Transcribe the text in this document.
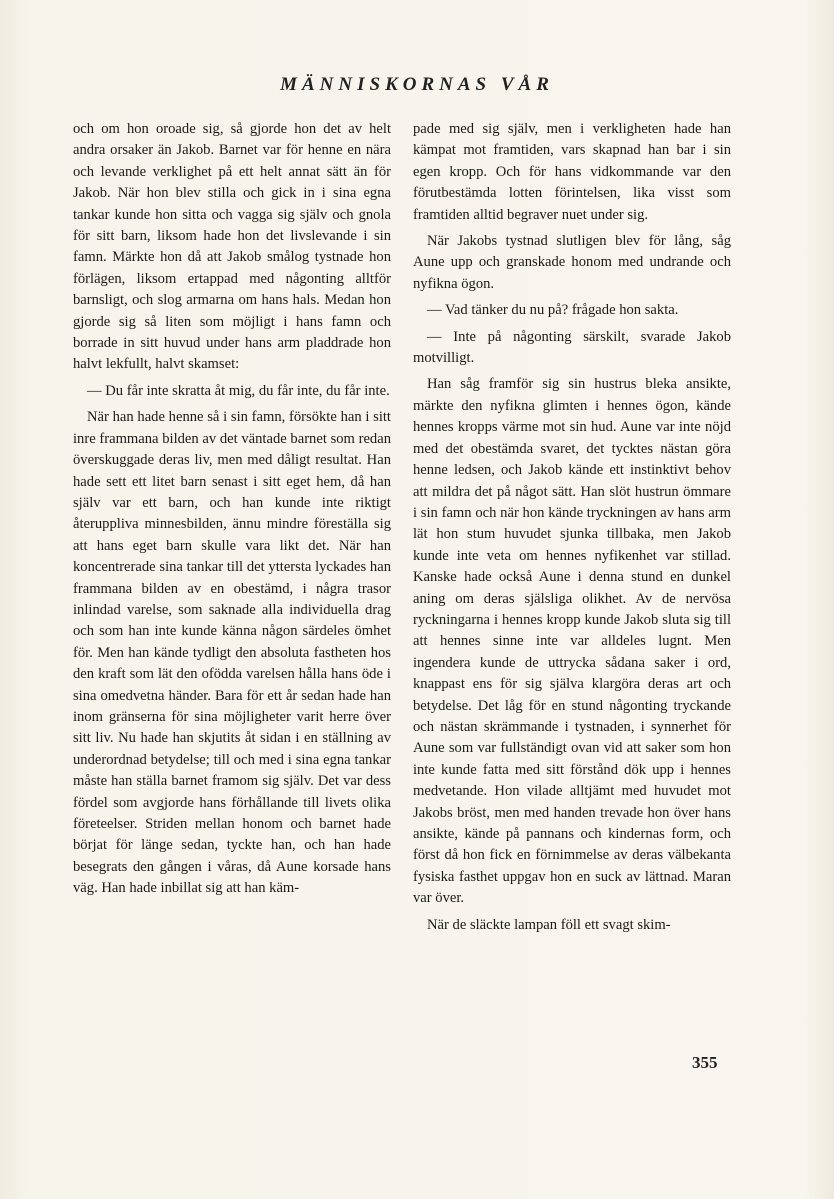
MÄNNISKORNAS VÅR

och om hon oroade sig, så gjorde hon det av helt andra orsaker än Jakob. Barnet var för henne en nära och levande verklighet på ett helt annat sätt än för Jakob. När hon blev stilla och gick in i sina egna tankar kunde hon sitta och vagga sig själv och gnola för sitt barn, liksom hade hon det livslevande i sin famn. Märkte hon då att Jakob smålog tystnade hon förlägen, liksom ertappad med någonting alltför barnsligt, och slog armarna om hans hals. Medan hon gjorde sig så liten som möjligt i hans famn och borrade in sitt huvud under hans arm pladdrade hon halvt lekfullt, halvt skamset:

— Du får inte skratta åt mig, du får inte, du får inte.

När han hade henne så i sin famn, försökte han i sitt inre frammana bilden av det väntade barnet som redan överskuggade deras liv, men med dåligt resultat. Han hade sett ett litet barn senast i sitt eget hem, då han själv var ett barn, och han kunde inte riktigt återuppliva minnesbilden, ännu mindre föreställa sig att hans eget barn skulle vara likt det. När han koncentrerade sina tankar till det yttersta lyckades han frammana bilden av en obestämd, i några trasor inlindad varelse, som saknade alla individuella drag och som han inte kunde känna någon särdeles ömhet för. Men han kände tydligt den absoluta fastheten hos den kraft som lät den ofödda varelsen hålla hans öde i sina omedvetna händer. Bara för ett år sedan hade han inom gränserna för sina möjligheter varit herre över sitt liv. Nu hade han skjutits åt sidan i en ställning av underordnad betydelse; till och med i sina egna tankar måste han ställa barnet framom sig själv. Det var dess fördel som avgjorde hans förhållande till livets olika företeelser. Striden mellan honom och barnet hade börjat för länge sedan, tyckte han, och han hade besegrats den gången i våras, då Aune korsade hans väg. Han hade inbillat sig att han käm-

pade med sig själv, men i verkligheten hade han kämpat mot framtiden, vars skapnad han bar i sin egen kropp. Och för hans vidkommande var den förutbestämda lotten förintelsen, lika visst som framtiden alltid begraver nuet under sig.

När Jakobs tystnad slutligen blev för lång, såg Aune upp och granskade honom med undrande och nyfikna ögon.

— Vad tänker du nu på? frågade hon sakta.

— Inte på någonting särskilt, svarade Jakob motvilligt.

Han såg framför sig sin hustrus bleka ansikte, märkte den nyfikna glimten i hennes ögon, kände hennes kropps värme mot sin hud. Aune var inte nöjd med det obestämda svaret, det tycktes nästan göra henne ledsen, och Jakob kände ett instinktivt behov att mildra det på något sätt. Han slöt hustrun ömmare i sin famn och när hon kände tryckningen av hans arm lät hon stum huvudet sjunka tillbaka, men Jakob kunde inte veta om hennes nyfikenhet var stillad. Kanske hade också Aune i denna stund en dunkel aning om deras själsliga olikhet. Av de nervösa ryckningarna i hennes kropp kunde Jakob sluta sig till att hennes sinne inte var alldeles lugnt. Men ingendera kunde de uttrycka sådana saker i ord, knappast ens för sig själva klargöra deras art och betydelse. Det låg för en stund någonting tryckande och nästan skrämmande i tystnaden, i synnerhet för Aune som var fullständigt ovan vid att saker som hon inte kunde fatta med sitt förstånd dök upp i hennes medvetande. Hon vilade alltjämt med huvudet mot Jakobs bröst, men med handen trevade hon över hans ansikte, kände på pannans och kindernas form, och först då hon fick en förnimmelse av deras välbekanta fysiska fasthet uppgav hon en suck av lättnad. Maran var över.

När de släckte lampan föll ett svagt skim-

355
